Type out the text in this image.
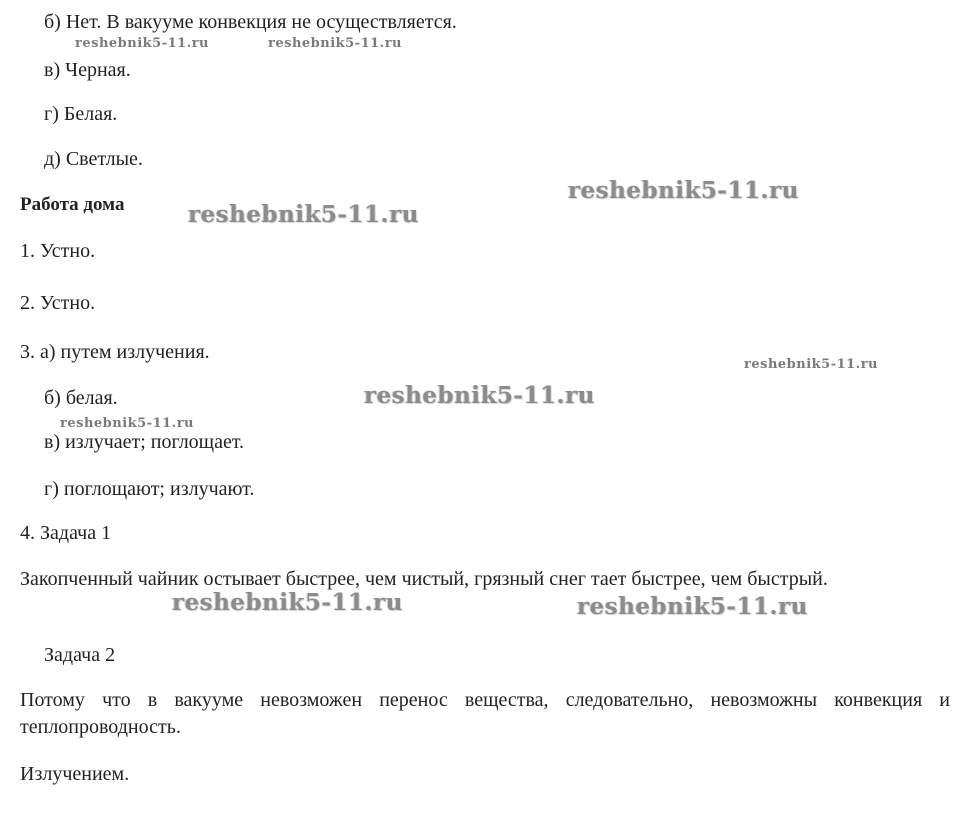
б) Нет. В вакууме конвекция не осуществляется.
в) Черная.
г) Белая.
д) Светлые.
Работа дома
1. Устно.
2. Устно.
3. а) путем излучения.
б) белая.
в) излучает; поглощает.
г) поглощают; излучают.
4. Задача 1
Закопченный чайник остывает быстрее, чем чистый, грязный снег тает быстрее, чем быстрый.
Задача 2
Потому что в вакууме невозможен перенос вещества, следовательно, невозможны конвекция и теплопроводность.
Излучением.
reshebnik5-11.ru	reshebnik5-11.ru
reshebnik5-11.ru
reshebnik5-11.ru
reshebnik5-11.ru
reshebnik5-11.ru
reshebnik5-11.ru
reshebnik5-11.ru	reshebnik5-11.ru
